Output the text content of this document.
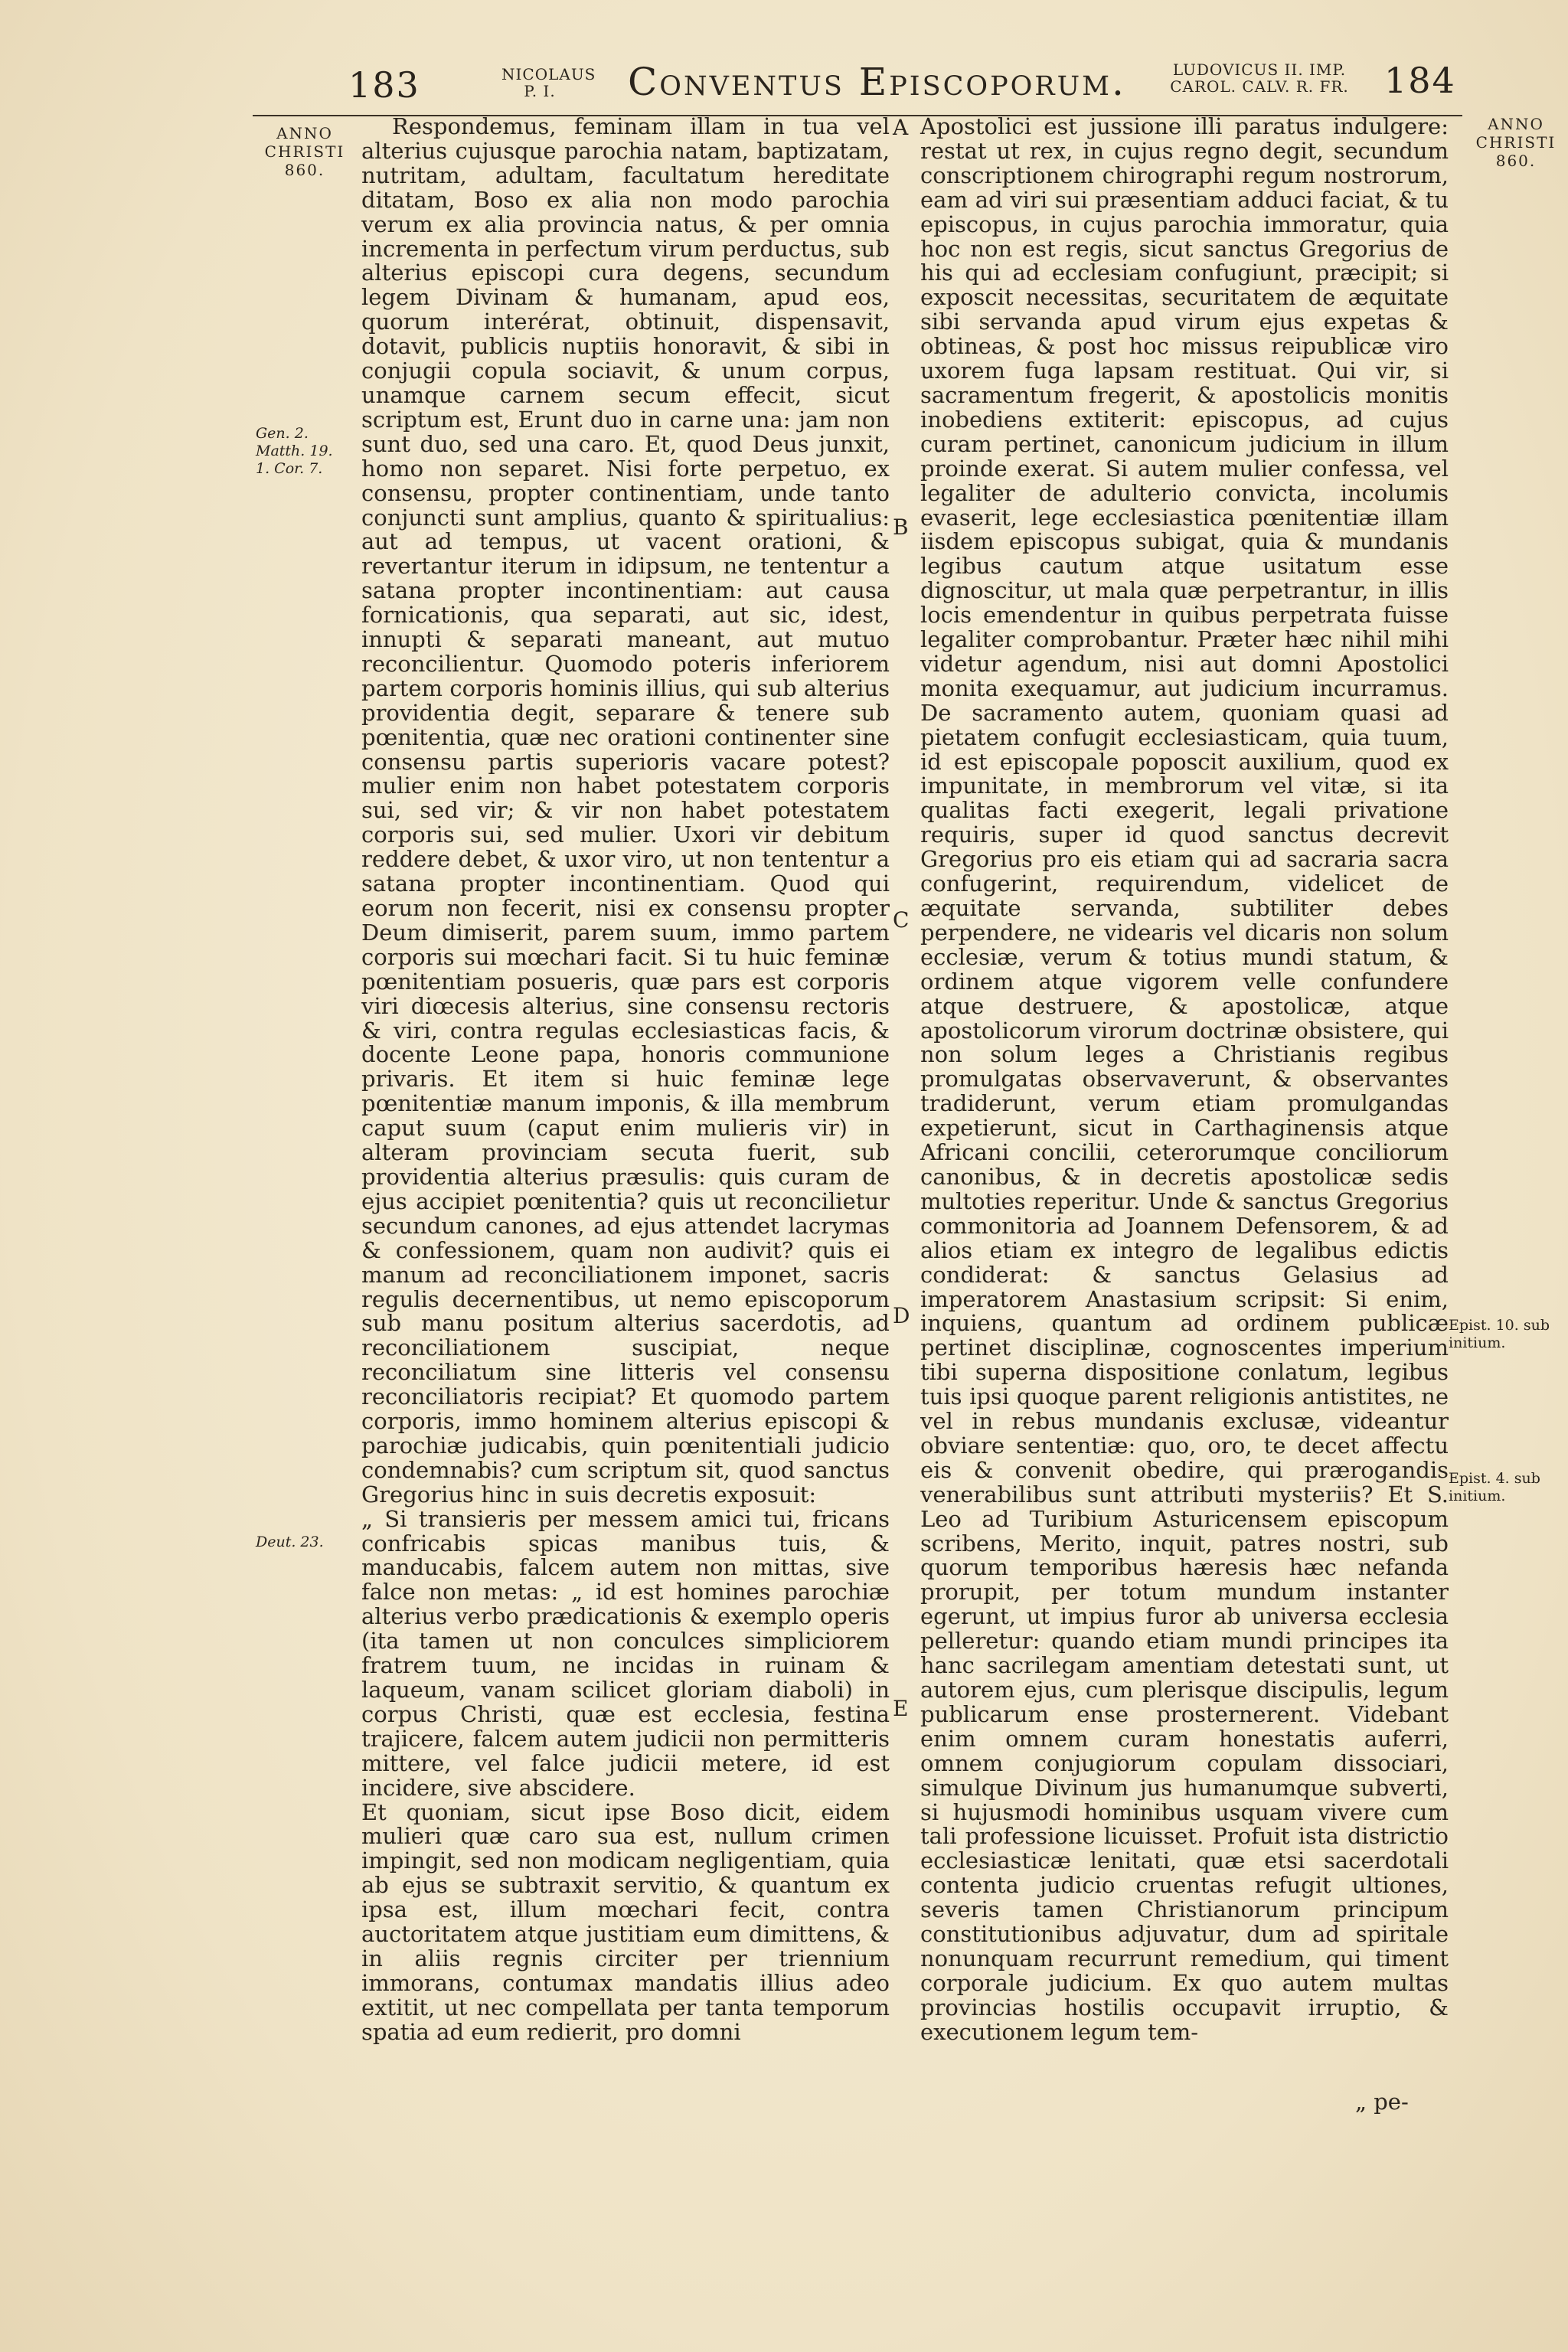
183	NICOLAUS P. I.	Conventus Episcoporum.	LUDOVICUS II. IMP. CAROL. CALV. R. FR.	184
ANNO CHRISTI 860.
ANNO CHRISTI 860.
Gen. 2. Matth. 19. 1. Cor. 7.
Deut. 23.
Epist. 10. sub initium.
Epist. 4. sub initium.
A
B
C
D
E

Respondemus, feminam illam in tua vel alterius cujusque parochia natam, baptizatam, nutritam, adultam, facultatum hereditate ditatam, Boso ex alia non modo parochia verum ex alia provincia natus, & per omnia incrementa in perfectum virum perductus, sub alterius episcopi cura degens, secundum legem Divinam & humanam, apud eos, quorum interérat, obtinuit, dispensavit, dotavit, publicis nuptiis honoravit, & sibi in conjugii copula sociavit, & unum corpus, unamque carnem secum effecit, sicut scriptum est, Erunt duo in carne una: jam non sunt duo, sed una caro. Et, quod Deus junxit, homo non separet. Nisi forte perpetuo, ex consensu, propter continentiam, unde tanto conjuncti sunt amplius, quanto & spiritualius: aut ad tempus, ut vacent orationi, & revertantur iterum in idipsum, ne tententur a satana propter incontinentiam: aut causa fornicationis, qua separati, aut sic, idest, innupti & separati maneant, aut mutuo reconcilientur. Quomodo poteris inferiorem partem corporis hominis illius, qui sub alterius providentia degit, separare & tenere sub pœnitentia, quæ nec orationi continenter sine consensu partis superioris vacare potest? mulier enim non habet potestatem corporis sui, sed vir; & vir non habet potestatem corporis sui, sed mulier. Uxori vir debitum reddere debet, & uxor viro, ut non tententur a satana propter incontinentiam. Quod qui eorum non fecerit, nisi ex consensu propter Deum dimiserit, parem suum, immo partem corporis sui mœchari facit. Si tu huic feminæ pœnitentiam posueris, quæ pars est corporis viri diœcesis alterius, sine consensu rectoris & viri, contra regulas ecclesiasticas facis, & docente Leone papa, honoris communione privaris. Et item si huic feminæ lege pœnitentiæ manum imponis, & illa membrum caput suum (caput enim mulieris vir) in alteram provinciam secuta fuerit, sub providentia alterius præsulis: quis curam de ejus accipiet pœnitentia? quis ut reconcilietur secundum canones, ad ejus attendet lacrymas & confessionem, quam non audivit? quis ei manum ad reconciliationem imponet, sacris regulis decernentibus, ut nemo episcoporum sub manu positum alterius sacerdotis, ad reconciliationem suscipiat, neque reconciliatum sine litteris vel consensu reconciliatoris recipiat? Et quomodo partem corporis, immo hominem alterius episcopi & parochiæ judicabis, quin pœnitentiali judicio condemnabis? cum scriptum sit, quod sanctus Gregorius hinc in suis decretis exposuit:

„ Si transieris per messem amici tui, fricans confricabis spicas manibus tuis, & manducabis, falcem autem non mittas, sive falce non metas: „ id est homines parochiæ alterius verbo prædicationis & exemplo operis (ita tamen ut non conculces simpliciorem fratrem tuum, ne incidas in ruinam & laqueum, vanam scilicet gloriam diaboli) in corpus Christi, quæ est ecclesia, festina trajicere, falcem autem judicii non permitteris mittere, vel falce judicii metere, id est incidere, sive abscidere.

Et quoniam, sicut ipse Boso dicit, eidem mulieri quæ caro sua est, nullum crimen impingit, sed non modicam negligentiam, quia ab ejus se subtraxit servitio, & quantum ex ipsa est, illum mœchari fecit, contra auctoritatem atque justitiam eum dimittens, & in aliis regnis circiter per triennium immorans, contumax mandatis illius adeo extitit, ut nec compellata per tanta temporum spatia ad eum redierit, pro domni

Apostolici est jussione illi paratus indulgere: restat ut rex, in cujus regno degit, secundum conscriptionem chirographi regum nostrorum, eam ad viri sui præsentiam adduci faciat, & tu episcopus, in cujus parochia immoratur, quia hoc non est regis, sicut sanctus Gregorius de his qui ad ecclesiam confugiunt, præcipit; si exposcit necessitas, securitatem de æquitate sibi servanda apud virum ejus expetas & obtineas, & post hoc missus reipublicæ viro uxorem fuga lapsam restituat. Qui vir, si sacramentum fregerit, & apostolicis monitis inobediens extiterit: episcopus, ad cujus curam pertinet, canonicum judicium in illum proinde exerat. Si autem mulier confessa, vel legaliter de adulterio convicta, incolumis evaserit, lege ecclesiastica pœnitentiæ illam iisdem episcopus subigat, quia & mundanis legibus cautum atque usitatum esse dignoscitur, ut mala quæ perpetrantur, in illis locis emendentur in quibus perpetrata fuisse legaliter comprobantur. Præter hæc nihil mihi videtur agendum, nisi aut domni Apostolici monita exequamur, aut judicium incurramus. De sacramento autem, quoniam quasi ad pietatem confugit ecclesiasticam, quia tuum, id est episcopale poposcit auxilium, quod ex impunitate, in membrorum vel vitæ, si ita qualitas facti exegerit, legali privatione requiris, super id quod sanctus decrevit Gregorius pro eis etiam qui ad sacraria sacra confugerint, requirendum, videlicet de æquitate servanda, subtiliter debes perpendere, ne videaris vel dicaris non solum ecclesiæ, verum & totius mundi statum, & ordinem atque vigorem velle confundere atque destruere, & apostolicæ, atque apostolicorum virorum doctrinæ obsistere, qui non solum leges a Christianis regibus promulgatas observaverunt, & observantes tradiderunt, verum etiam promulgandas expetierunt, sicut in Carthaginensis atque Africani concilii, ceterorumque conciliorum canonibus, & in decretis apostolicæ sedis multoties reperitur. Unde & sanctus Gregorius commonitoria ad Joannem Defensorem, & ad alios etiam ex integro de legalibus edictis condiderat: & sanctus Gelasius ad imperatorem Anastasium scripsit: Si enim, inquiens, quantum ad ordinem publicæ pertinet disciplinæ, cognoscentes imperium tibi superna dispositione conlatum, legibus tuis ipsi quoque parent religionis antistites, ne vel in rebus mundanis exclusæ, videantur obviare sententiæ: quo, oro, te decet affectu eis & convenit obedire, qui prærogandis venerabilibus sunt attributi mysteriis? Et S. Leo ad Turibium Asturicensem episcopum scribens, Merito, inquit, patres nostri, sub quorum temporibus hæresis hæc nefanda prorupit, per totum mundum instanter egerunt, ut impius furor ab universa ecclesia pelleretur: quando etiam mundi principes ita hanc sacrilegam amentiam detestati sunt, ut autorem ejus, cum plerisque discipulis, legum publicarum ense prosternerent. Videbant enim omnem curam honestatis auferri, omnem conjugiorum copulam dissociari, simulque Divinum jus humanumque subverti, si hujusmodi hominibus usquam vivere cum tali professione licuisset. Profuit ista districtio ecclesiasticæ lenitati, quæ etsi sacerdotali contenta judicio cruentas refugit ultiones, severis tamen Christianorum principum constitutionibus adjuvatur, dum ad spiritale nonunquam recurrunt remedium, qui timent corporale judicium. Ex quo autem multas provincias hostilis occupavit irruptio, & executionem legum tem-

„ pe-
